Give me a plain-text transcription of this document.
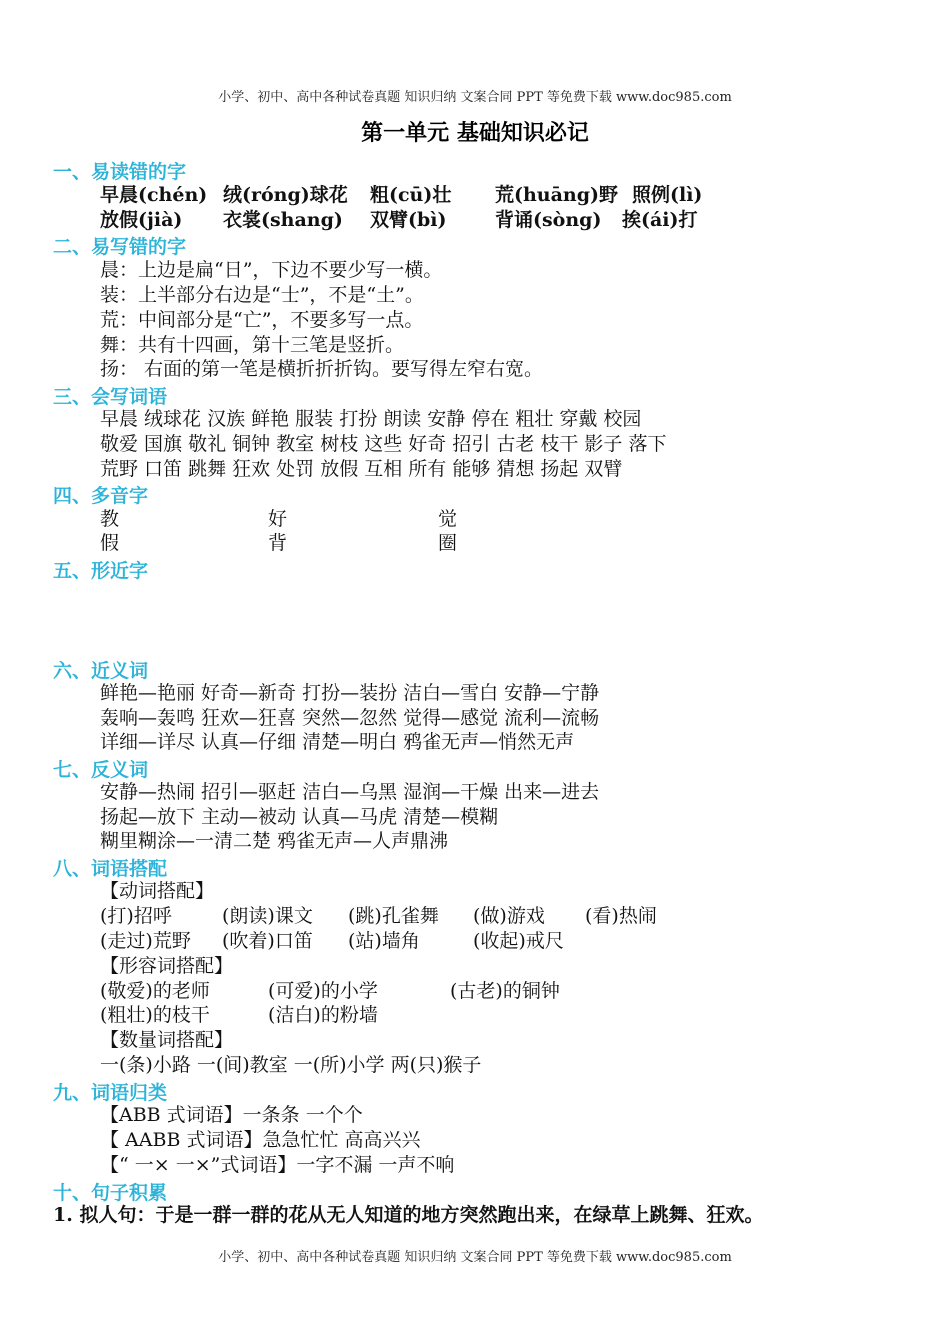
小学、初中、高中各种试卷真题 知识归纳 文案合同 PPT 等免费下载 www.doc985.com
第一单元 基础知识必记
一、易读错的字
早晨(chén) 绒(róng)球花 粗(cū)壮 荒(huāng)野 照例(lì)
放假(jià) 衣裳(shang) 双臂(bì)	背诵(sòng) 挨(ái)打
二、易写错的字
晨：上边是扁“日”，下边不要少写一横。
装：上半部分右边是“士”，不是“土”。
荒：中间部分是“亡”，不要多写一点。
舞：共有十四画，第十三笔是竖折。
扬： 右面的第一笔是横折折折钩。要写得左窄右宽。
三、会写词语
早晨 绒球花 汉族 鲜艳 服装 打扮 朗读 安静 停在 粗壮 穿戴 校园
敬爱 国旗 敬礼 铜钟 教室 树枝 这些 好奇 招引 古老 枝干 影子 落下
荒野 口笛 跳舞 狂欢 处罚 放假 互相 所有 能够 猜想 扬起 双臂
四、多音字
教	好	觉
假	背	圈
五、形近字
六、近义词
鲜艳—艳丽 好奇—新奇 打扮—装扮 洁白—雪白 安静—宁静
轰响—轰鸣 狂欢—狂喜 突然—忽然 觉得—感觉 流利—流畅
详细—详尽 认真—仔细 清楚—明白 鸦雀无声—悄然无声
七、反义词
安静—热闹 招引—驱赶 洁白—乌黑 湿润—干燥 出来—进去
扬起—放下 主动—被动 认真—马虎 清楚—模糊
糊里糊涂—一清二楚 鸦雀无声—人声鼎沸
八、词语搭配
【动词搭配】
(打)招呼	(朗读)课文 (跳)孔雀舞 (做)游戏 (看)热闹
(走过)荒野 (吹着)口笛 (站)墙角	(收起)戒尺
【形容词搭配】
(敬爱)的老师	(可爱)的小学	(古老)的铜钟
(粗壮)的枝干	(洁白)的粉墙
【数量词搭配】
一(条)小路 一(间)教室 一(所)小学 两(只)猴子
九、词语归类
【ABB 式词语】一条条 一个个
【 AABB 式词语】急急忙忙 高高兴兴
【“ 一× 一×”式词语】一字不漏 一声不响
十、句子积累
1. 拟人句：于是一群一群的花从无人知道的地方突然跑出来，在绿草上跳舞、狂欢。
小学、初中、高中各种试卷真题 知识归纳 文案合同 PPT 等免费下载 www.doc985.com
